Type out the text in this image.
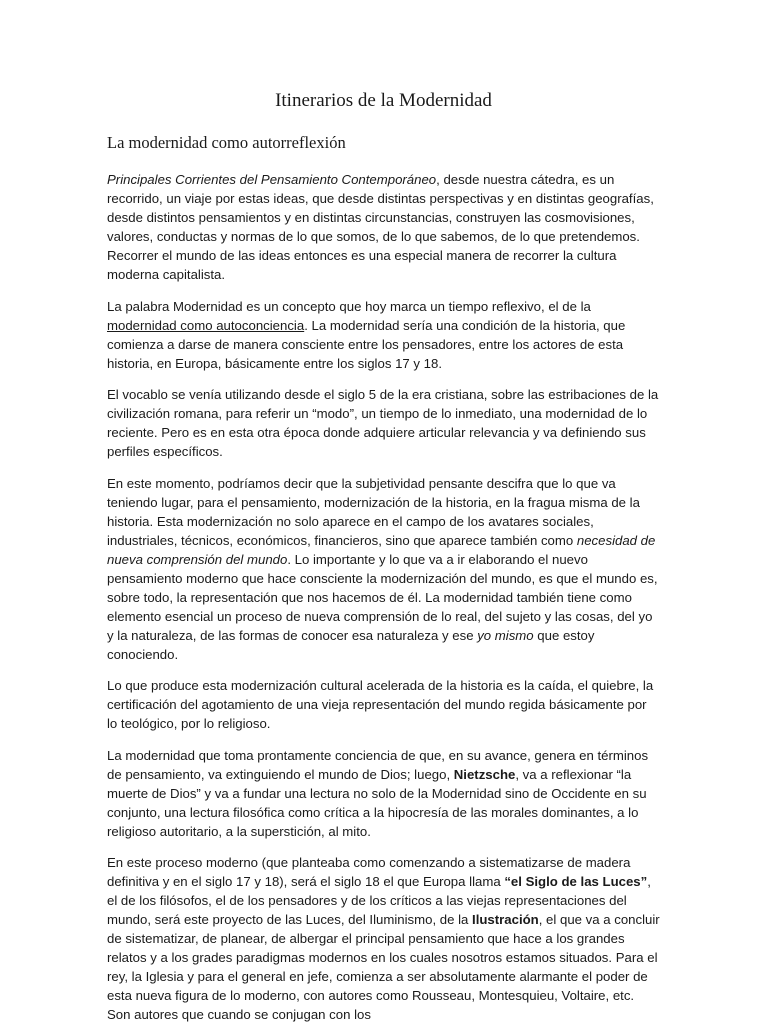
Itinerarios de la Modernidad
La modernidad como autorreflexión

Principales Corrientes del Pensamiento Contemporáneo, desde nuestra cátedra, es un recorrido, un viaje por estas ideas, que desde distintas perspectivas y en distintas geografías, desde distintos pensamientos y en distintas circunstancias, construyen las cosmovisiones, valores, conductas y normas de lo que somos, de lo que sabemos, de lo que pretendemos. Recorrer el mundo de las ideas entonces es una especial manera de recorrer la cultura moderna capitalista.

La palabra Modernidad es un concepto que hoy marca un tiempo reflexivo, el de la modernidad como autoconciencia. La modernidad sería una condición de la historia, que comienza a darse de manera consciente entre los pensadores, entre los actores de esta historia, en Europa, básicamente entre los siglos 17 y 18.

El vocablo se venía utilizando desde el siglo 5 de la era cristiana, sobre las estribaciones de la civilización romana, para referir un “modo”, un tiempo de lo inmediato, una modernidad de lo reciente. Pero es en esta otra época donde adquiere articular relevancia y va definiendo sus perfiles específicos.

En este momento, podríamos decir que la subjetividad pensante descifra que lo que va teniendo lugar, para el pensamiento, modernización de la historia, en la fragua misma de la historia. Esta modernización no solo aparece en el campo de los avatares sociales, industriales, técnicos, económicos, financieros, sino que aparece también como necesidad de nueva comprensión del mundo. Lo importante y lo que va a ir elaborando el nuevo pensamiento moderno que hace consciente la modernización del mundo, es que el mundo es, sobre todo, la representación que nos hacemos de él. La modernidad también tiene como elemento esencial un proceso de nueva comprensión de lo real, del sujeto y las cosas, del yo y la naturaleza, de las formas de conocer esa naturaleza y ese yo mismo que estoy conociendo.

Lo que produce esta modernización cultural acelerada de la historia es la caída, el quiebre, la certificación del agotamiento de una vieja representación del mundo regida básicamente por lo teológico, por lo religioso.

La modernidad que toma prontamente conciencia de que, en su avance, genera en términos de pensamiento, va extinguiendo el mundo de Dios; luego, Nietzsche, va a reflexionar “la muerte de Dios” y va a fundar una lectura no solo de la Modernidad sino de Occidente en su conjunto, una lectura filosófica como crítica a la hipocresía de las morales dominantes, a lo religioso autoritario, a la superstición, al mito.

En este proceso moderno (que planteaba como comenzando a sistematizarse de madera definitiva y en el siglo 17 y 18), será el siglo 18 el que Europa llama “el Siglo de las Luces”, el de los filósofos, el de los pensadores y de los críticos a las viejas representaciones del mundo, será este proyecto de las Luces, del Iluminismo, de la Ilustración, el que va a concluir de sistematizar, de planear, de albergar el principal pensamiento que hace a los grandes relatos y a los grades paradigmas modernos en los cuales nosotros estamos situados. Para el rey, la Iglesia y para el general en jefe, comienza a ser absolutamente alarmante el poder de esta nueva figura de lo moderno, con autores como Rousseau, Montesquieu, Voltaire, etc. Son autores que cuando se conjugan con los
